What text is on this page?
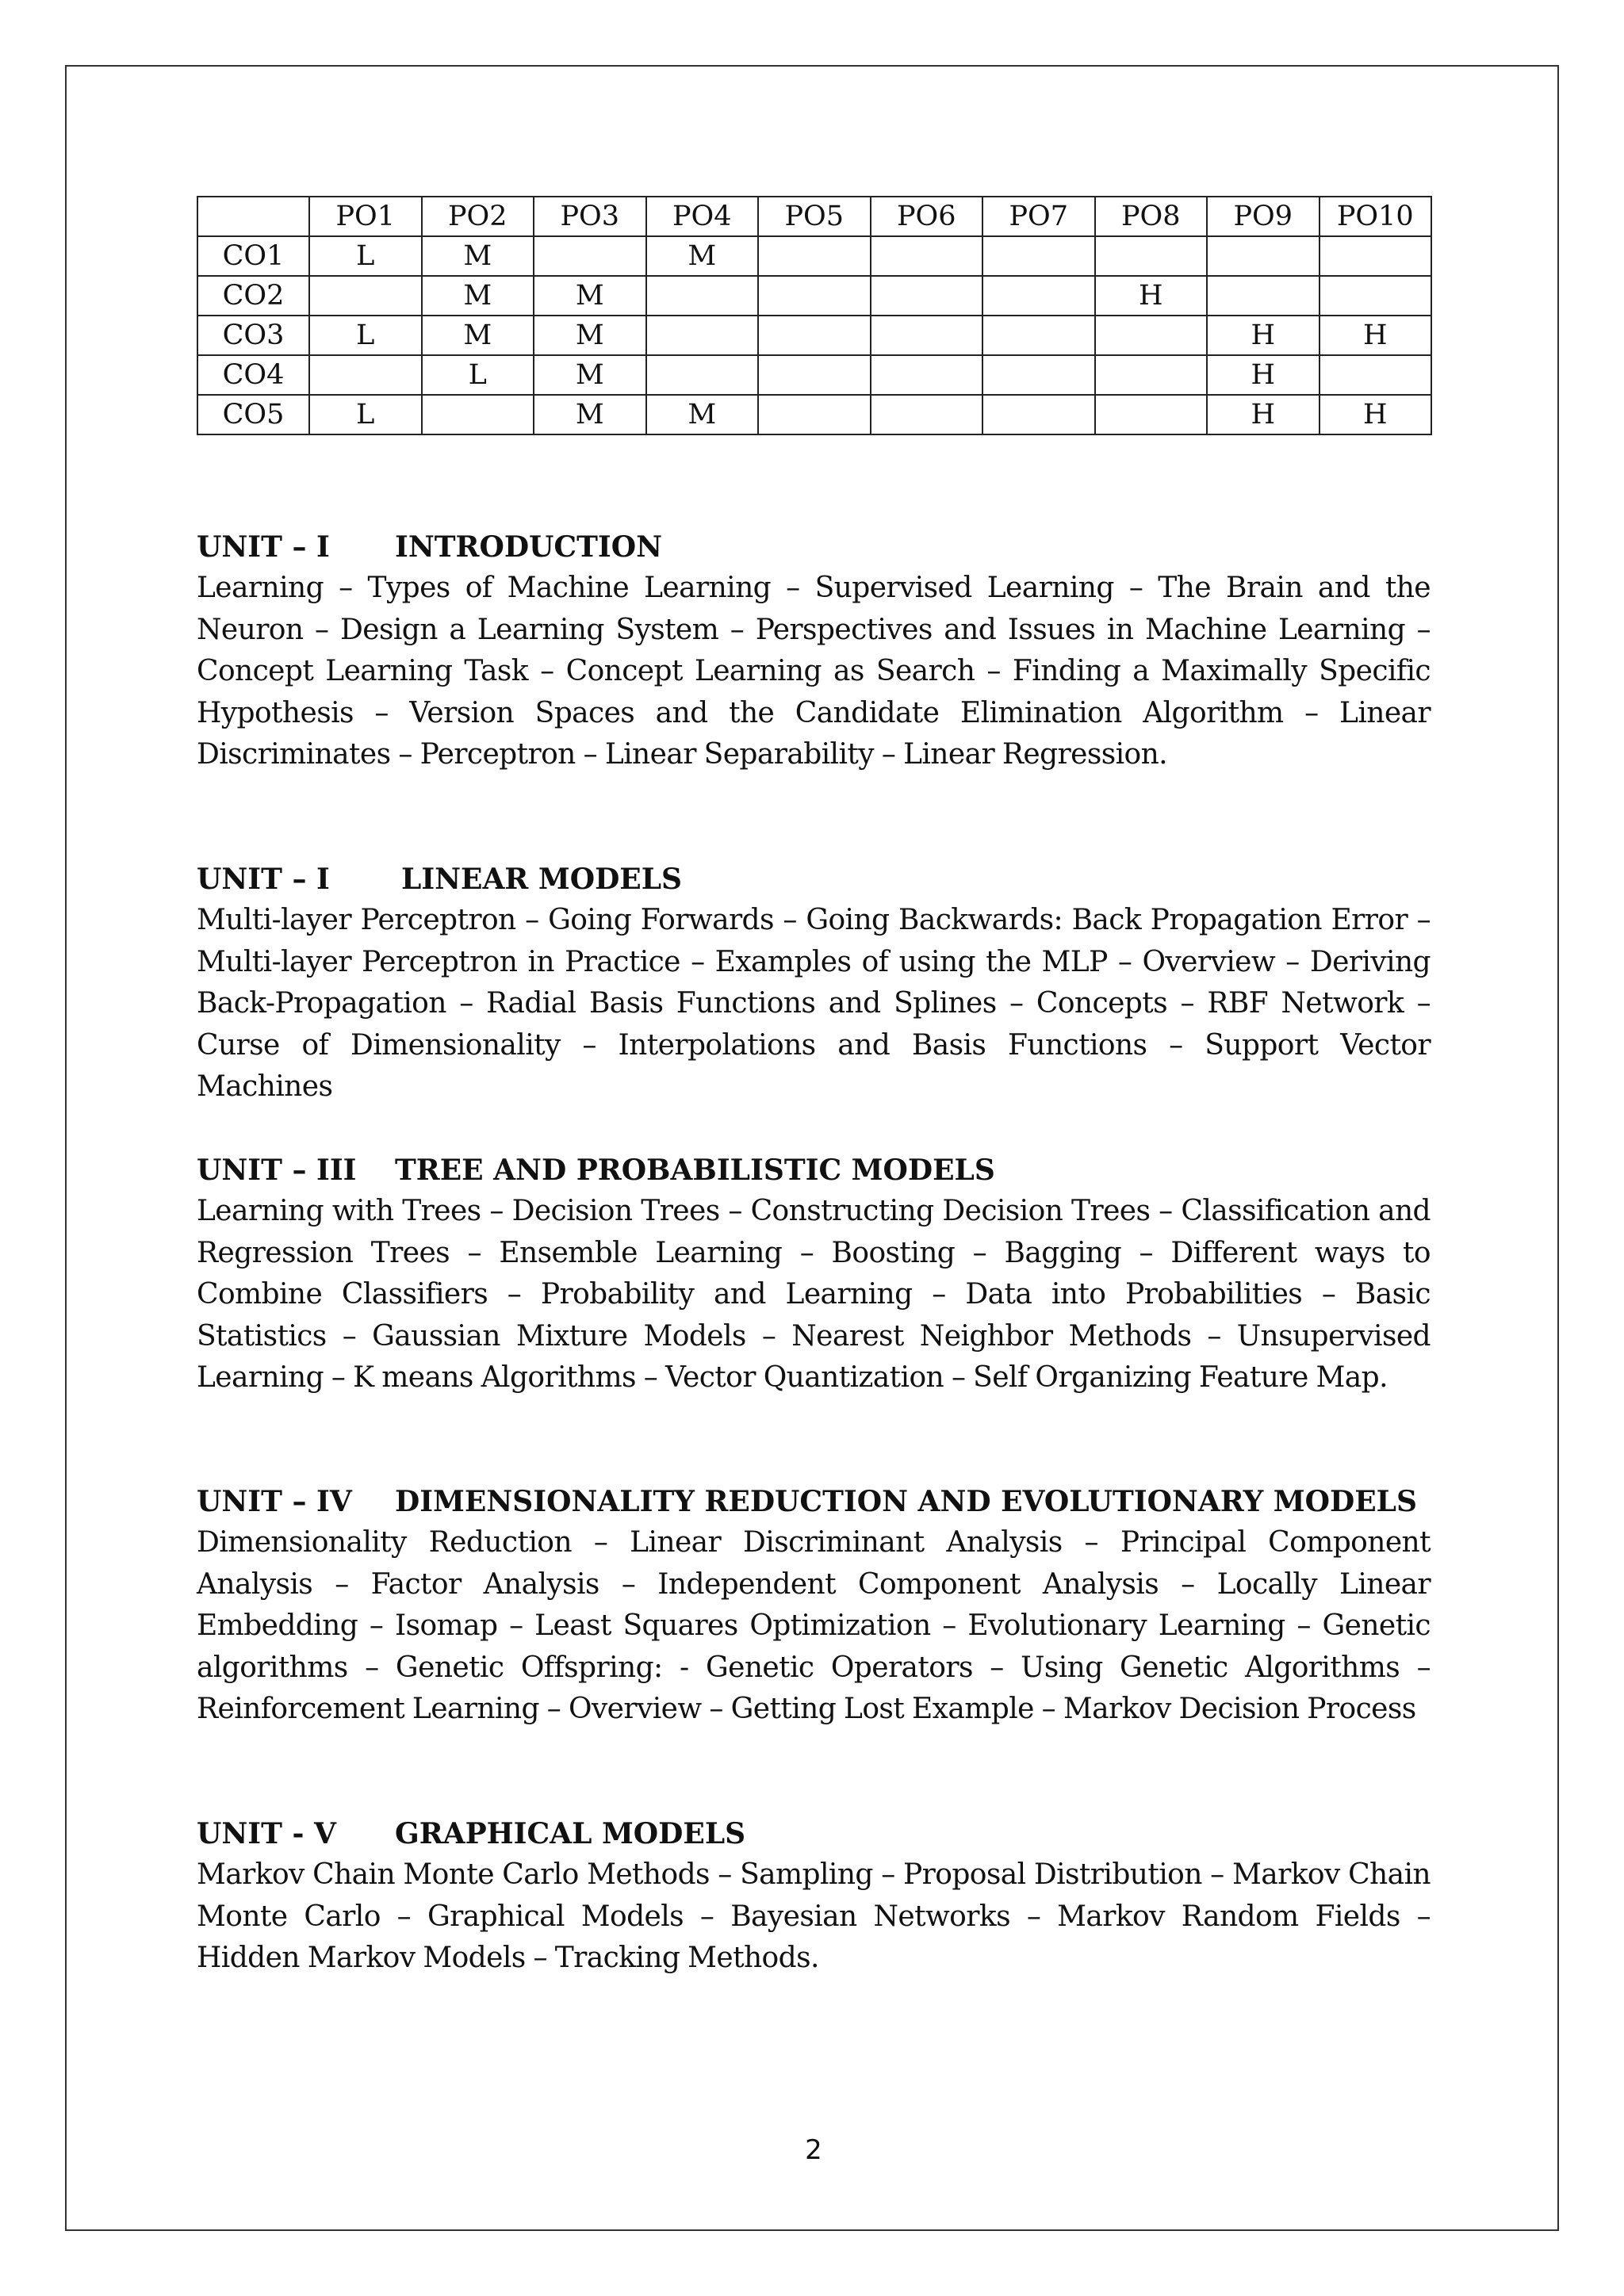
	PO1	PO2	PO3	PO4	PO5	PO6	PO7	PO8	PO9	PO10
CO1	L	M		M						
CO2		M	M					H		
CO3	L	M	M						H	H
CO4		L	M						H	
CO5	L		M	M					H	H
UNIT – I INTRODUCTION

Learning – Types of Machine Learning – Supervised Learning – The Brain and the Neuron – Design a Learning System – Perspectives and Issues in Machine Learning – Concept Learning Task – Concept Learning as Search – Finding a Maximally Specific Hypothesis – Version Spaces and the Candidate Elimination Algorithm – Linear Discriminates – Perceptron – Linear Separability – Linear Regression.

UNIT – I	LINEAR MODELS

Multi-layer Perceptron – Going Forwards – Going Backwards: Back Propagation Error – Multi-layer Perceptron in Practice – Examples of using the MLP – Overview – Deriving Back-Propagation – Radial Basis Functions and Splines – Concepts – RBF Network – Curse of Dimensionality – Interpolations and Basis Functions – Support Vector Machines

UNIT – III TREE AND PROBABILISTIC MODELS

Learning with Trees – Decision Trees – Constructing Decision Trees – Classification and Regression Trees – Ensemble Learning – Boosting – Bagging – Different ways to Combine Classifiers – Probability and Learning – Data into Probabilities – Basic Statistics – Gaussian Mixture Models – Nearest Neighbor Methods – Unsupervised Learning – K means Algorithms – Vector Quantization – Self Organizing Feature Map.

UNIT – IV DIMENSIONALITY REDUCTION AND EVOLUTIONARY MODELS

Dimensionality Reduction – Linear Discriminant Analysis – Principal Component Analysis – Factor Analysis – Independent Component Analysis – Locally Linear Embedding – Isomap – Least Squares Optimization – Evolutionary Learning – Genetic algorithms – Genetic Offspring: - Genetic Operators – Using Genetic Algorithms – Reinforcement Learning – Overview – Getting Lost Example – Markov Decision Process

UNIT - V GRAPHICAL MODELS

Markov Chain Monte Carlo Methods – Sampling – Proposal Distribution – Markov Chain Monte Carlo – Graphical Models – Bayesian Networks – Markov Random Fields – Hidden Markov Models – Tracking Methods.

2
